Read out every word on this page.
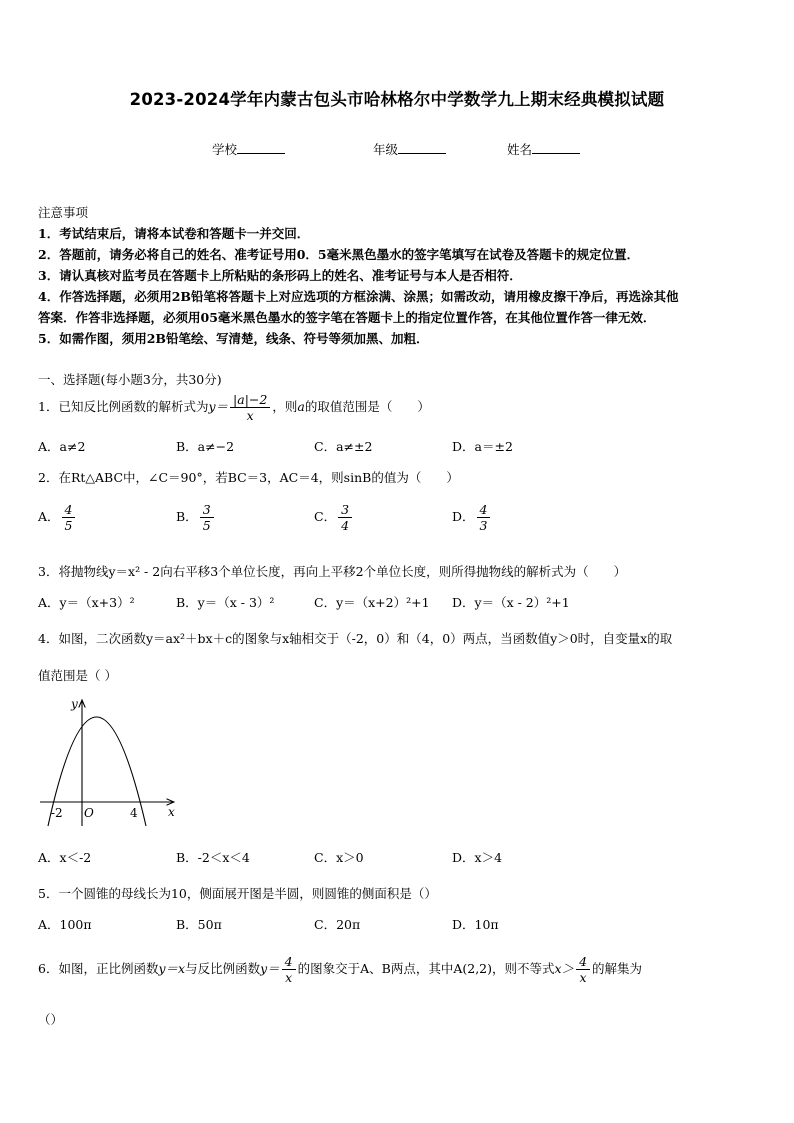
2023-2024学年内蒙古包头市哈林格尔中学数学九上期末经典模拟试题
学校	年级	姓名
注意事项
1．考试结束后，请将本试卷和答题卡一并交回．
2．答题前，请务必将自己的姓名、准考证号用0．5毫米黑色墨水的签字笔填写在试卷及答题卡的规定位置．
3．请认真核对监考员在答题卡上所粘贴的条形码上的姓名、准考证号与本人是否相符．
4．作答选择题，必须用2B铅笔将答题卡上对应选项的方框涂满、涂黑；如需改动，请用橡皮擦干净后，再选涂其他
答案．作答非选择题，必须用05毫米黑色墨水的签字笔在答题卡上的指定位置作答，在其他位置作答一律无效．
5．如需作图，须用2B铅笔绘、写清楚，线条、符号等须加黑、加粗．
一、选择题(每小题3分，共30分)
1．已知反比例函数的解析式为$y= \frac{|a|-2}{x}$ ，则a的取值范围是（　　）
A．a≠2	B．a≠−2	C．a≠±2	D．a＝±2
2．在Rt△ABC中，∠C＝90°，若BC＝3，AC＝4，则sinB的值为（　　）
A． $\frac{4}{5}$	B． $\frac{3}{5}$	C． $\frac{3}{4}$	D． $\frac{4}{3}$
3．将抛物线y＝x² - 2向右平移3个单位长度，再向上平移2个单位长度，则所得抛物线的解析式为（　　）
A．y＝（x+3）²	B．y＝（x - 3）²	C．y＝（x+2）²+1 D．y＝（x - 2）²+1
4．如图，二次函数y＝ax²＋bx＋c的图象与x轴相交于（-2，0）和（4，0）两点，当函数值y＞0时，自变量x的取
值范围是（ ）
y
x
O
-2	4
A．x＜-2	B．-2＜x＜4	C．x＞0	D．x＞4
5．一个圆锥的母线长为10，侧面展开图是半圆，则圆锥的侧面积是（）
A．100π	B．50π	C．20π	D．10π
6．如图，正比例函数y＝x与反比例函数$y= \frac{4}{x}$ 的图象交于A、B两点，其中A(2,2)，则不等式$x> \frac{4}{x}$ 的解集为
（）
